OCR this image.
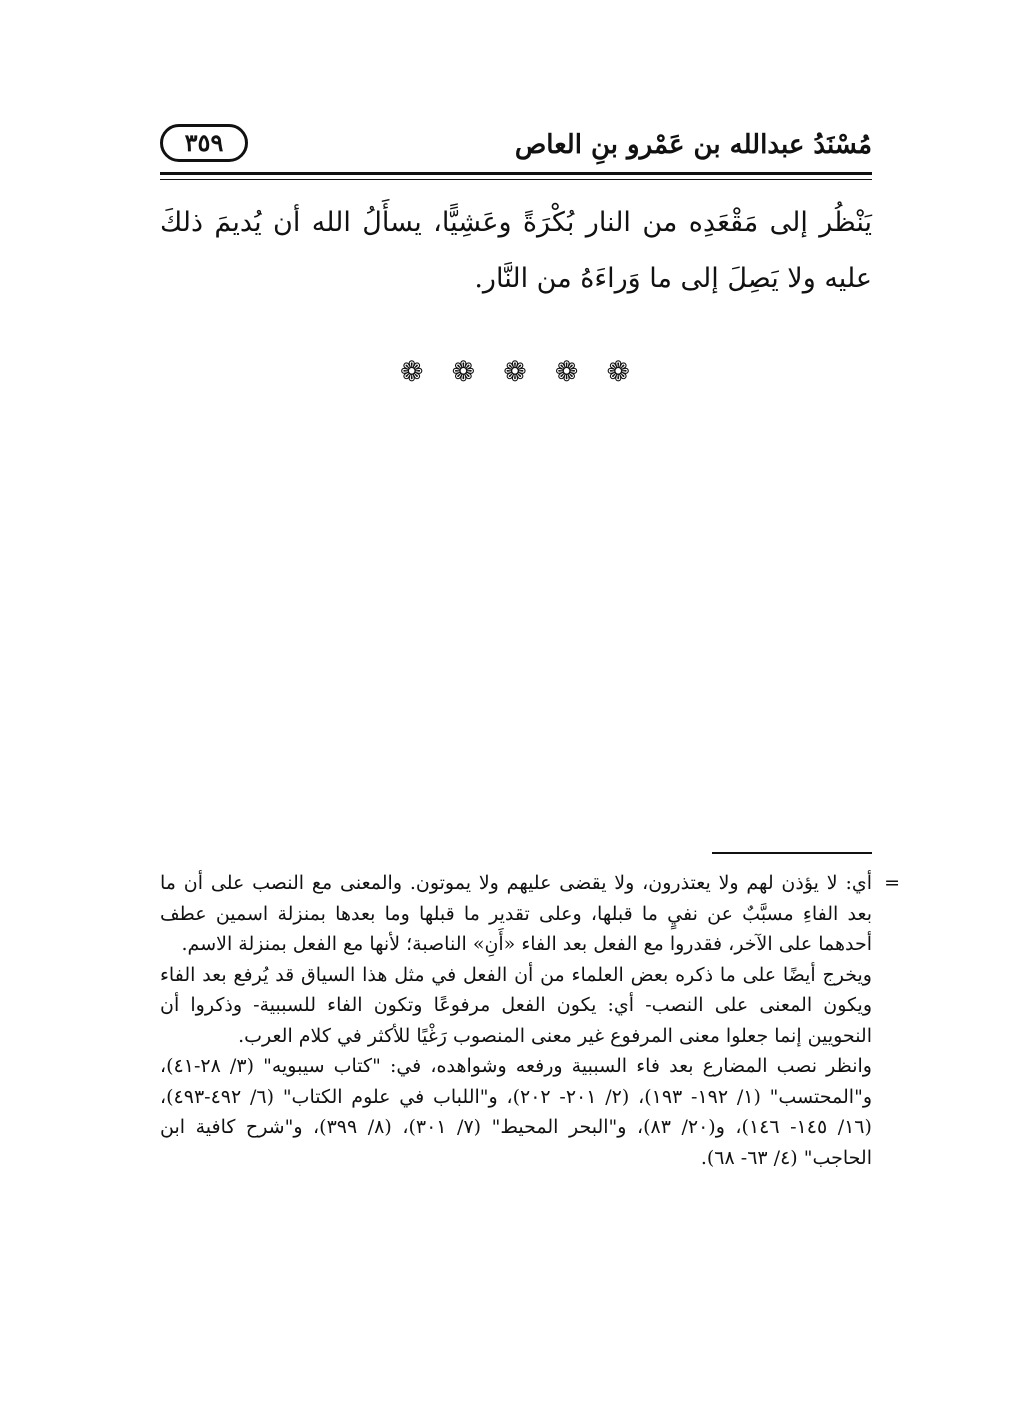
مُسْنَدُ عبدالله بن عَمْرو بنِ العاص
٣٥٩

يَنْظُر إلى مَقْعَدِه من النار بُكْرَةً وعَشِيًّا، يسأَلُ الله أن يُديمَ ذلكَ عليه ولا يَصِلَ إلى ما وَراءَهُ من النَّار.

❁ ❁ ❁ ❁ ❁
=

أي: لا يؤذن لهم ولا يعتذرون، ولا يقضى عليهم ولا يموتون. والمعنى مع النصب على أن ما بعد الفاءِ مسبَّبٌ عن نفيٍ ما قبلها، وعلى تقدير ما قبلها وما بعدها بمنزلة اسمين عطف أحدهما على الآخر، فقدروا مع الفعل بعد الفاء «أَنِ» الناصبة؛ لأنها مع الفعل بمنزلة الاسم.

ويخرج أيضًا على ما ذكره بعض العلماء من أن الفعل في مثل هذا السياق قد يُرفع بعد الفاء ويكون المعنى على النصب- أي: يكون الفعل مرفوعًا وتكون الفاء للسببية- وذكروا أن النحويين إنما جعلوا معنى المرفوع غير معنى المنصوب رَغْيًا للأكثر في كلام العرب.

وانظر نصب المضارع بعد فاء السببية ورفعه وشواهده، في: "كتاب سيبويه" (٣/ ٢٨-٤١)، و"المحتسب" (١/ ١٩٢- ١٩٣)، (٢/ ٢٠١- ٢٠٢)، و"اللباب في علوم الكتاب" (٦/ ٤٩٢-٤٩٣)، (١٦/ ١٤٥- ١٤٦)، و(٢٠/ ٨٣)، و"البحر المحيط" (٧/ ٣٠١)، (٨/ ٣٩٩)، و"شرح كافية ابن الحاجب" (٤/ ٦٣- ٦٨).
